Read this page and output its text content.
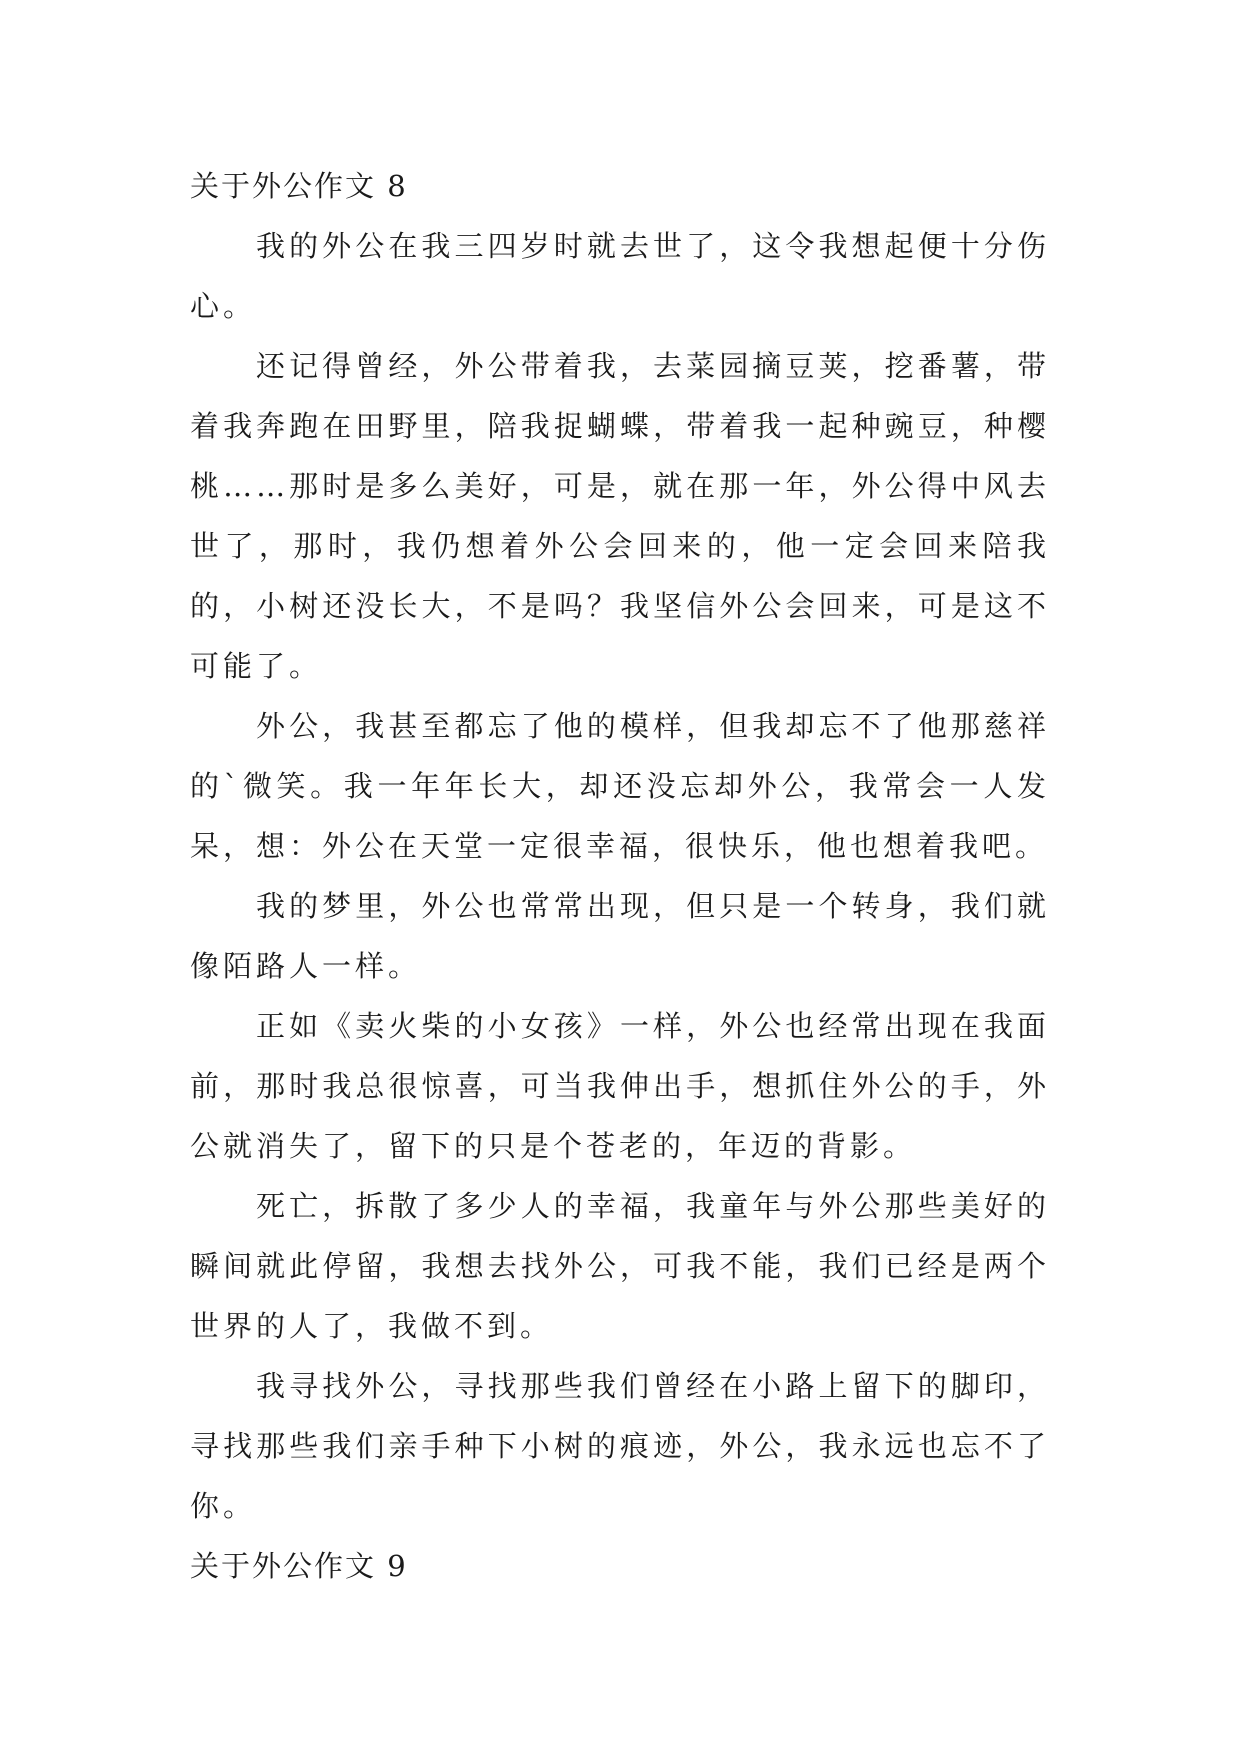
关于外公作文 8

我的外公在我三四岁时就去世了，这令我想起便十分伤心。

还记得曾经，外公带着我，去菜园摘豆荚，挖番薯，带着我奔跑在田野里，陪我捉蝴蝶，带着我一起种豌豆，种樱桃……那时是多么美好，可是，就在那一年，外公得中风去世了，那时，我仍想着外公会回来的，他一定会回来陪我的，小树还没长大，不是吗？我坚信外公会回来，可是这不可能了。

外公，我甚至都忘了他的模样，但我却忘不了他那慈祥的`微笑。我一年年长大，却还没忘却外公，我常会一人发呆，想：外公在天堂一定很幸福，很快乐，他也想着我吧。

我的梦里，外公也常常出现，但只是一个转身，我们就像陌路人一样。

正如《卖火柴的小女孩》一样，外公也经常出现在我面前，那时我总很惊喜，可当我伸出手，想抓住外公的手，外公就消失了，留下的只是个苍老的，年迈的背影。

死亡，拆散了多少人的幸福，我童年与外公那些美好的瞬间就此停留，我想去找外公，可我不能，我们已经是两个世界的人了，我做不到。

我寻找外公，寻找那些我们曾经在小路上留下的脚印，寻找那些我们亲手种下小树的痕迹，外公，我永远也忘不了你。

关于外公作文 9
